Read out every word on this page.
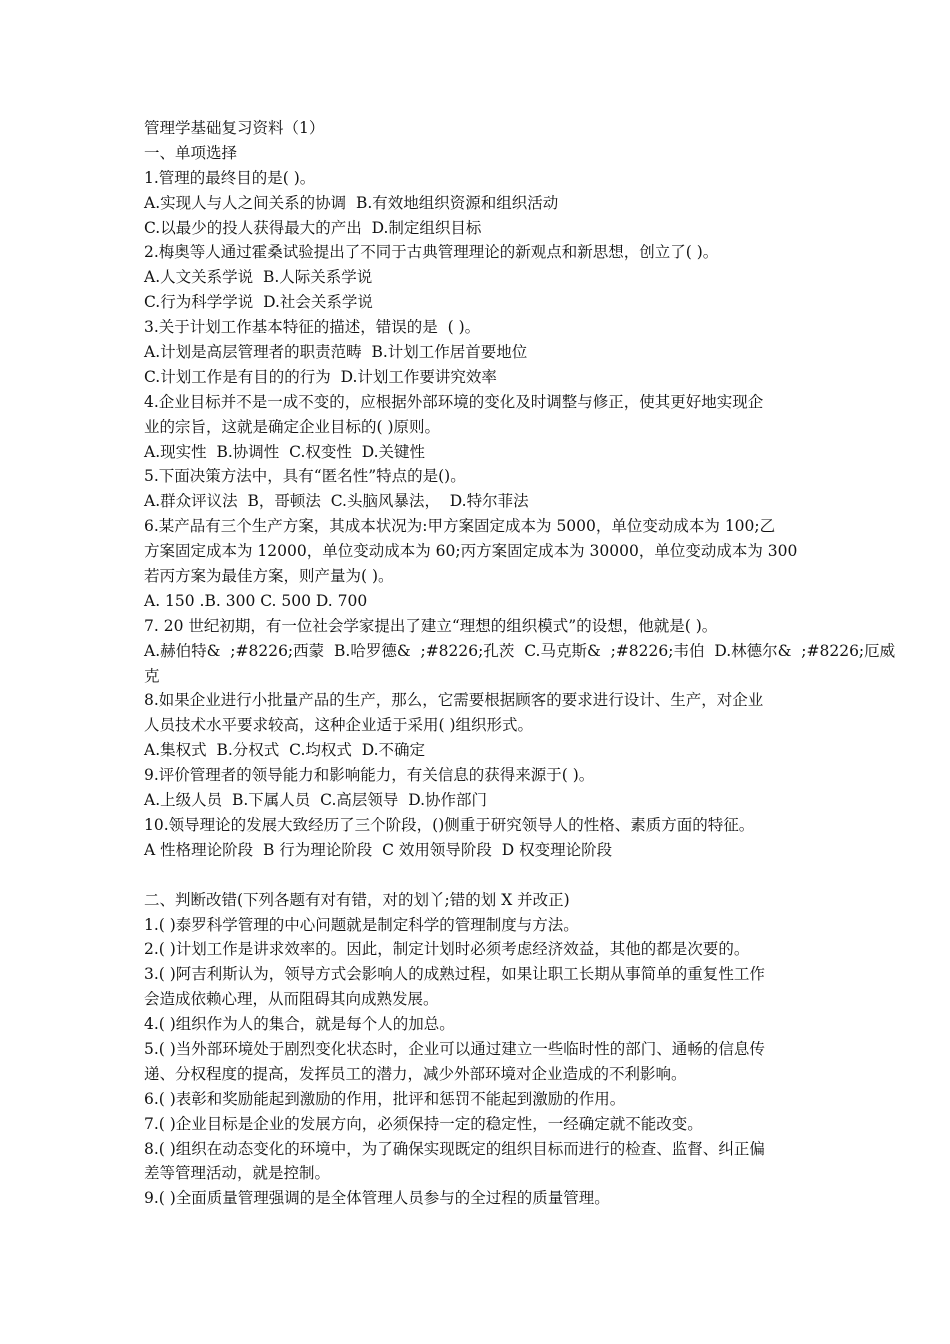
管理学基础复习资料（1）
一、单项选择
1.管理的最终目的是( )。
A.实现人与人之间关系的协调  B.有效地组织资源和组织活动
C.以最少的投人获得最大的产出  D.制定组织目标
2.梅奥等人通过霍桑试验提出了不同于古典管理理论的新观点和新思想，创立了( )。
A.人文关系学说  B.人际关系学说
C.行为科学学说  D.社会关系学说
3.关于计划工作基本特征的描述，错误的是  ( )。
A.计划是高层管理者的职责范畴  B.计划工作居首要地位
C.计划工作是有目的的行为  D.计划工作要讲究效率
4.企业目标并不是一成不变的，应根据外部环境的变化及时调整与修正，使其更好地实现企
业的宗旨，这就是确定企业目标的( )原则。
A.现实性  B.协调性  C.权变性  D.关键性
5.下面决策方法中，具有“匿名性”特点的是()。
A.群众评议法  B，哥顿法  C.头脑风暴法，  D.特尔菲法
6.某产品有三个生产方案，其成本状况为:甲方案固定成本为 5000，单位变动成本为 100;乙
方案固定成本为 12000，单位变动成本为 60;丙方案固定成本为 30000，单位变动成本为 300
若丙方案为最佳方案，则产量为( )。
A. 150 .B. 300 C. 500 D. 700
7. 20 世纪初期，有一位社会学家提出了建立“理想的组织模式”的设想，他就是( )。
A.赫伯特&  ;#8226;西蒙  B.哈罗德&  ;#8226;孔茨  C.马克斯&  ;#8226;韦伯  D.林德尔&  ;#8226;厄威
克
8.如果企业进行小批量产品的生产，那么，它需要根据顾客的要求进行设计、生产，对企业
人员技术水平要求较高，这种企业适于采用( )组织形式。
A.集权式  B.分权式  C.均权式  D.不确定
9.评价管理者的领导能力和影响能力，有关信息的获得来源于( )。
A.上级人员  B.下属人员  C.高层领导  D.协作部门
10.领导理论的发展大致经历了三个阶段，()侧重于研究领导人的性格、素质方面的特征。
A 性格理论阶段  B 行为理论阶段  C 效用领导阶段  D 权变理论阶段
二、判断改错(下列各题有对有错，对的划丫;错的划 X 并改正)
1.( )泰罗科学管理的中心问题就是制定科学的管理制度与方法。
2.( )计划工作是讲求效率的。因此，制定计划时必须考虑经济效益，其他的都是次要的。
3.( )阿吉利斯认为，领导方式会影响人的成熟过程，如果让职工长期从事简单的重复性工作
会造成依赖心理，从而阻碍其向成熟发展。
4.( )组织作为人的集合，就是每个人的加总。
5.( )当外部环境处于剧烈变化状态时，企业可以通过建立一些临时性的部门、通畅的信息传
递、分权程度的提高，发挥员工的潜力，减少外部环境对企业造成的不利影响。
6.( )表彰和奖励能起到激励的作用，批评和惩罚不能起到激励的作用。
7.( )企业目标是企业的发展方向，必须保持一定的稳定性，一经确定就不能改变。
8.( )组织在动态变化的环境中，为了确保实现既定的组织目标而进行的检查、监督、纠正偏
差等管理活动，就是控制。
9.( )全面质量管理强调的是全体管理人员参与的全过程的质量管理。
